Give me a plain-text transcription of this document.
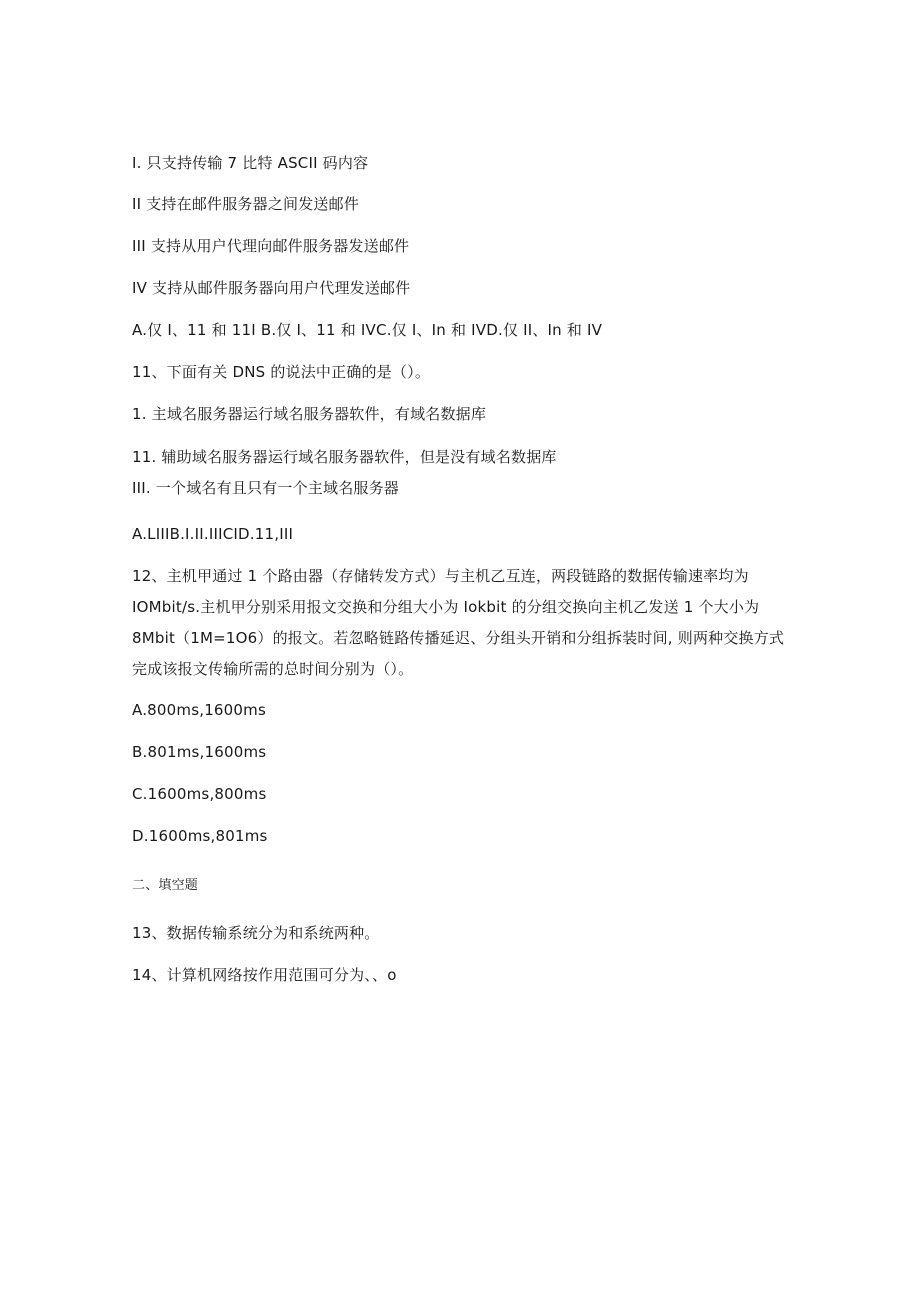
I. 只支持传输 7 比特 ASCII 码内容
II 支持在邮件服务器之间发送邮件
III 支持从用户代理向邮件服务器发送邮件
IV 支持从邮件服务器向用户代理发送邮件
A.仅 I、11 和 11I B.仅 I、11 和 IVC.仅 I、In 和 IVD.仅 II、In 和 IV
11、下面有关 DNS 的说法中正确的是（）。
1. 主域名服务器运行域名服务器软件，有域名数据库
11. 辅助域名服务器运行域名服务器软件，但是没有域名数据库
III. 一个域名有且只有一个主域名服务器
A.LIIIB.I.II.IIICID.11,III
12、主机甲通过 1 个路由器（存储转发方式）与主机乙互连，两段链路的数据传输速率均为
IOMbit/s.主机甲分别采用报文交换和分组大小为 Iokbit 的分组交换向主机乙发送 1 个大小为
8Mbit（1M=1O6）的报文。若忽略链路传播延迟、分组头开销和分组拆装时间, 则两种交换方式
完成该报文传输所需的总时间分别为（）。
A.800ms,1600ms
B.801ms,1600ms
C.1600ms,800ms
D.1600ms,801ms
二、填空题
13、数据传输系统分为和系统两种。
14、计算机网络按作用范围可分为、、o
